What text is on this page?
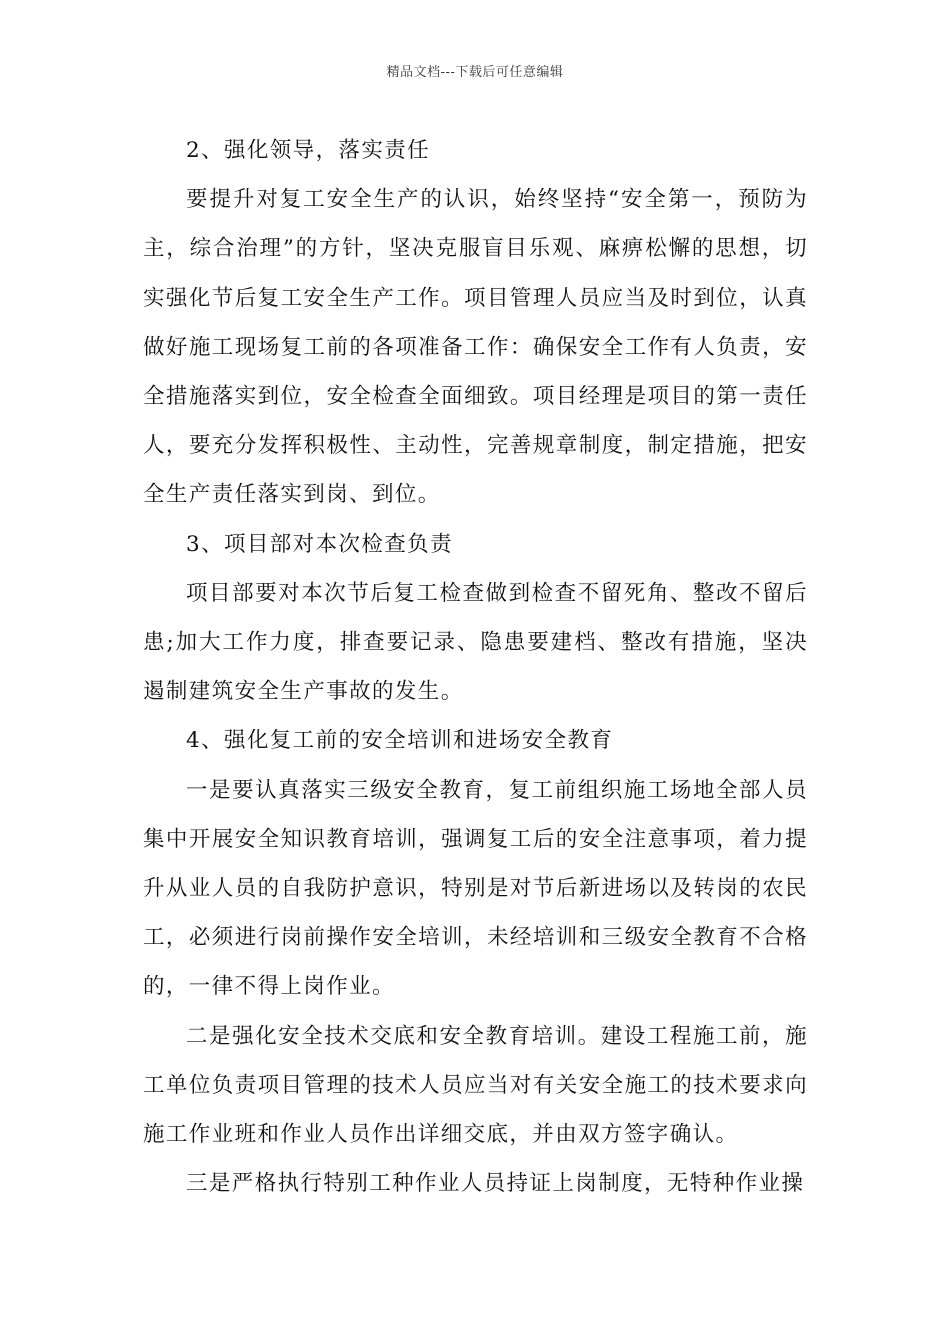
精品文档---下载后可任意编辑

2、强化领导，落实责任

要提升对复工安全生产的认识，始终坚持“安全第一，预防为主，综合治理”的方针，坚决克服盲目乐观、麻痹松懈的思想，切实强化节后复工安全生产工作。项目管理人员应当及时到位，认真做好施工现场复工前的各项准备工作：确保安全工作有人负责，安全措施落实到位，安全检查全面细致。项目经理是项目的第一责任人，要充分发挥积极性、主动性，完善规章制度，制定措施，把安全生产责任落实到岗、到位。

3、项目部对本次检查负责

项目部要对本次节后复工检查做到检查不留死角、整改不留后患;加大工作力度，排查要记录、隐患要建档、整改有措施，坚决遏制建筑安全生产事故的发生。

4、强化复工前的安全培训和进场安全教育

一是要认真落实三级安全教育，复工前组织施工场地全部人员集中开展安全知识教育培训，强调复工后的安全注意事项，着力提升从业人员的自我防护意识，特别是对节后新进场以及转岗的农民工，必须进行岗前操作安全培训，未经培训和三级安全教育不合格的，一律不得上岗作业。

二是强化安全技术交底和安全教育培训。建设工程施工前，施工单位负责项目管理的技术人员应当对有关安全施工的技术要求向施工作业班和作业人员作出详细交底，并由双方签字确认。

三是严格执行特别工种作业人员持证上岗制度，无特种作业操
